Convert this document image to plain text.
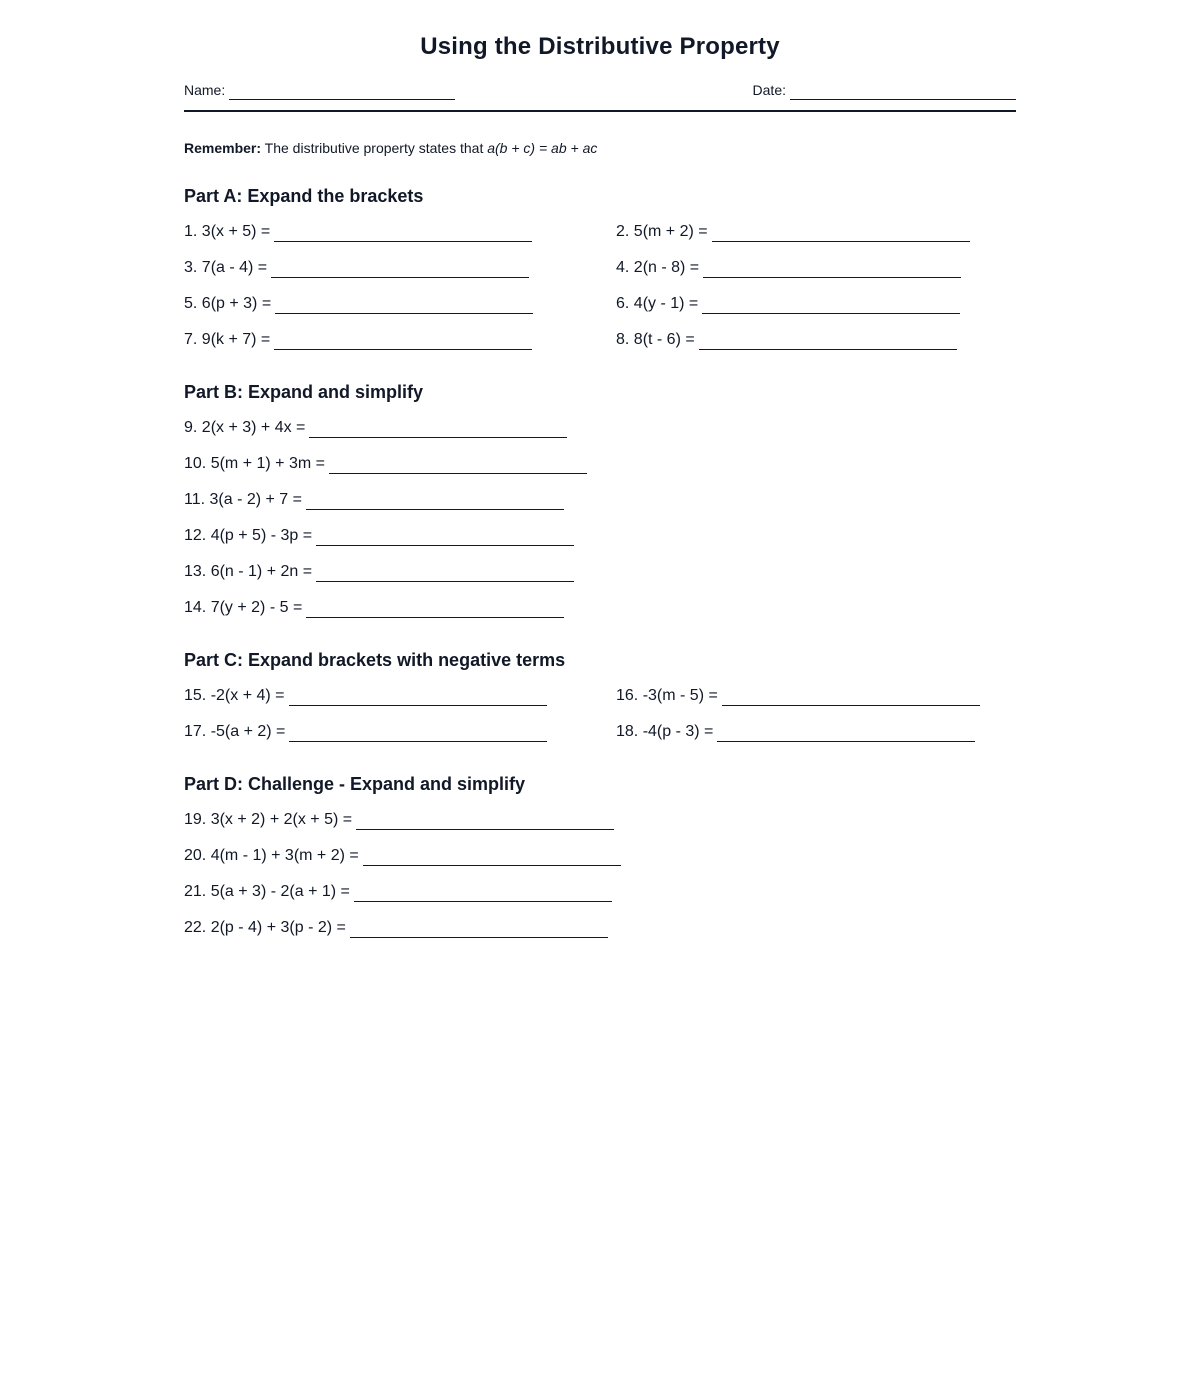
Using the Distributive Property
Name:	Date:
Remember: The distributive property states that a(b + c) = ab + ac
Part A: Expand the brackets
1. 3(x + 5) =	2. 5(m + 2) =
3. 7(a - 4) =	4. 2(n - 8) =
5. 6(p + 3) =	6. 4(y - 1) =
7. 9(k + 7) =	8. 8(t - 6) =
Part B: Expand and simplify
9. 2(x + 3) + 4x =
10. 5(m + 1) + 3m =
11. 3(a - 2) + 7 =
12. 4(p + 5) - 3p =
13. 6(n - 1) + 2n =
14. 7(y + 2) - 5 =
Part C: Expand brackets with negative terms
15. -2(x + 4) =	16. -3(m - 5) =
17. -5(a + 2) =	18. -4(p - 3) =
Part D: Challenge - Expand and simplify
19. 3(x + 2) + 2(x + 5) =
20. 4(m - 1) + 3(m + 2) =
21. 5(a + 3) - 2(a + 1) =
22. 2(p - 4) + 3(p - 2) =
